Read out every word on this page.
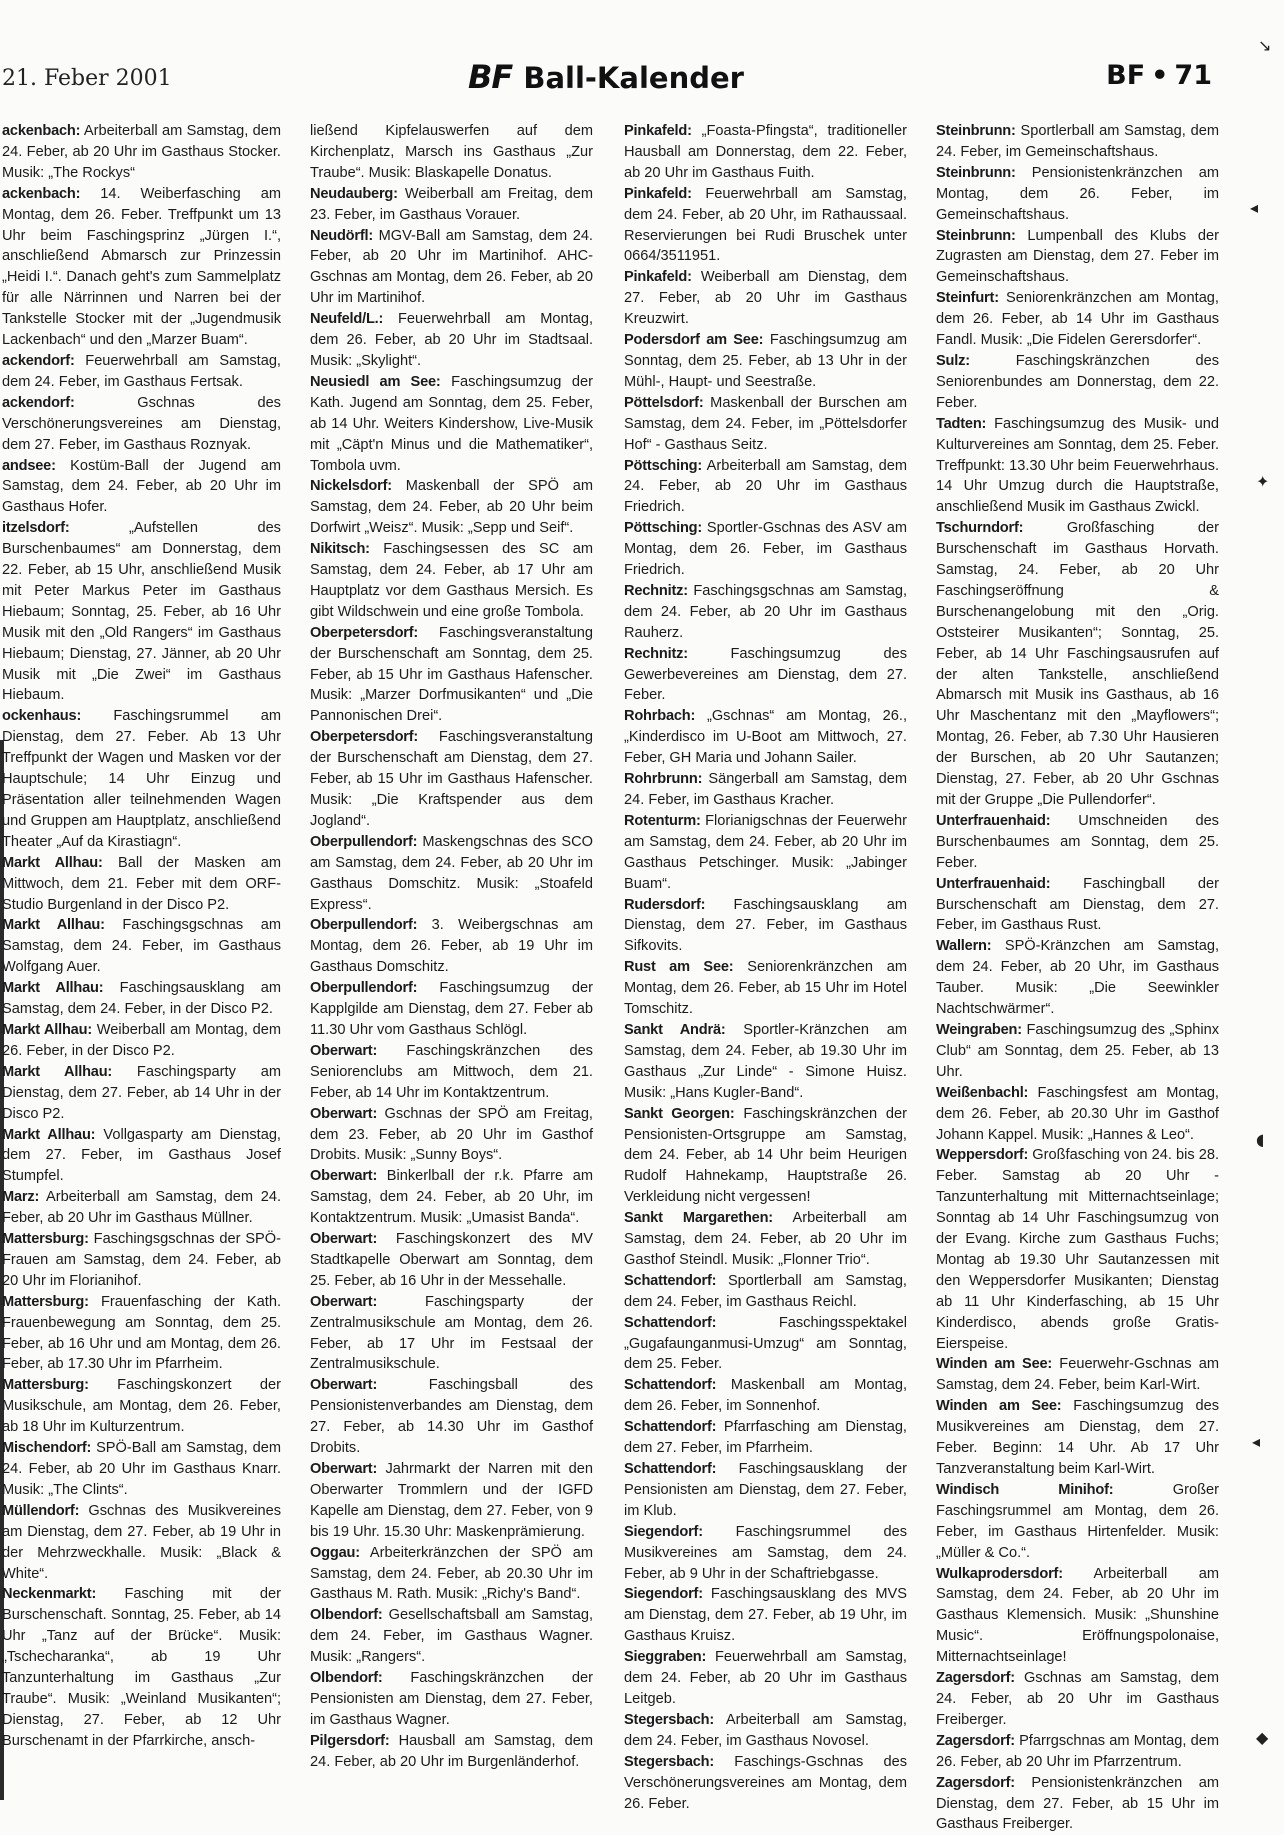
21. Feber 2001	BF Ball-Kalender	BF • 71

ackenbach: Arbeiterball am Samstag, dem 24. Feber, ab 20 Uhr im Gasthaus Stocker. Musik: „The Rockys“

ackenbach: 14. Weiberfasching am Montag, dem 26. Feber. Treffpunkt um 13 Uhr beim Faschingsprinz „Jürgen I.“, anschließend Abmarsch zur Prinzessin „Heidi I.“. Danach geht's zum Sammelplatz für alle Närrinnen und Narren bei der Tankstelle Stocker mit der „Jugendmusik Lackenbach“ und den „Marzer Buam“.

ackendorf: Feuerwehrball am Samstag, dem 24. Feber, im Gasthaus Fertsak.

ackendorf:	Gschnas des Verschönerungsvereines am Dienstag, dem 27. Feber, im Gasthaus Roznyak.

andsee: Kostüm-Ball der Jugend am Samstag, dem 24. Feber, ab 20 Uhr im Gasthaus Hofer.

itzelsdorf:	„Aufstellen des Burschenbaumes“ am Donnerstag, dem 22. Feber, ab 15 Uhr, anschließend Musik mit Peter Markus Peter im Gasthaus Hiebaum; Sonntag, 25. Feber, ab 16 Uhr Musik mit den „Old Rangers“ im Gasthaus Hiebaum; Dienstag, 27. Jänner, ab 20 Uhr Musik mit „Die Zwei“ im Gasthaus Hiebaum.

ockenhaus: Faschingsrummel am Dienstag, dem 27. Feber. Ab 13 Uhr Treffpunkt der Wagen und Masken vor der Hauptschule; 14 Uhr Einzug und Präsentation aller teilnehmenden Wagen und Gruppen am Hauptplatz, anschließend Theater „Auf da Kirastiagn“.

Markt Allhau: Ball der Masken am Mittwoch, dem 21. Feber mit dem ORF-Studio Burgenland in der Disco P2.

Markt Allhau: Faschingsgschnas am Samstag, dem 24. Feber, im Gasthaus Wolfgang Auer.

Markt Allhau: Faschingsausklang am Samstag, dem 24. Feber, in der Disco P2.

Markt Allhau: Weiberball am Montag, dem 26. Feber, in der Disco P2.

Markt Allhau: Faschingsparty am Dienstag, dem 27. Feber, ab 14 Uhr in der Disco P2.

Markt Allhau: Vollgasparty am Dienstag, dem 27. Feber, im Gasthaus Josef Stumpfel.

Marz: Arbeiterball am Samstag, dem 24. Feber, ab 20 Uhr im Gasthaus Müllner.

Mattersburg: Faschingsgschnas der SPÖ-Frauen am Samstag, dem 24. Feber, ab 20 Uhr im Florianihof.

Mattersburg: Frauenfasching der Kath. Frauenbewegung am Sonntag, dem 25. Feber, ab 16 Uhr und am Montag, dem 26. Feber, ab 17.30 Uhr im Pfarrheim.

Mattersburg: Faschingskonzert der Musikschule, am Montag, dem 26. Feber, ab 18 Uhr im Kulturzentrum.

Mischendorf: SPÖ-Ball am Samstag, dem 24. Feber, ab 20 Uhr im Gasthaus Knarr. Musik: „The Clints“.

Müllendorf: Gschnas des Musikvereines am Dienstag, dem 27. Feber, ab 19 Uhr in der Mehrzweckhalle. Musik: „Black & White“.

Neckenmarkt: Fasching mit der Burschenschaft. Sonntag, 25. Feber, ab 14 Uhr „Tanz auf der Brücke“. Musik: „Tschecharanka“, ab 19 Uhr Tanzunterhaltung im Gasthaus „Zur Traube“. Musik: „Weinland Musikanten“; Dienstag, 27. Feber, ab 12 Uhr Burschenamt in der Pfarrkirche, ansch-

ließend Kipfelauswerfen auf dem Kirchenplatz, Marsch ins Gasthaus „Zur Traube“. Musik: Blaskapelle Donatus.

Neudauberg: Weiberball am Freitag, dem 23. Feber, im Gasthaus Vorauer.

Neudörfl: MGV-Ball am Samstag, dem 24. Feber, ab 20 Uhr im Martinihof. AHC-Gschnas am Montag, dem 26. Feber, ab 20 Uhr im Martinihof.

Neufeld/L.: Feuerwehrball am Montag, dem 26. Feber, ab 20 Uhr im Stadtsaal. Musik: „Skylight“.

Neusiedl am See: Faschingsumzug der Kath. Jugend am Sonntag, dem 25. Feber, ab 14 Uhr. Weiters Kindershow, Live-Musik mit „Cäpt'n Minus und die Mathematiker“, Tombola uvm.

Nickelsdorf: Maskenball der SPÖ am Samstag, dem 24. Feber, ab 20 Uhr beim Dorfwirt „Weisz“. Musik: „Sepp und Seif“.

Nikitsch: Faschingsessen des SC am Samstag, dem 24. Feber, ab 17 Uhr am Hauptplatz vor dem Gasthaus Mersich. Es gibt Wildschwein und eine große Tombola.

Oberpetersdorf: Faschingsveranstaltung der Burschenschaft am Sonntag, dem 25. Feber, ab 15 Uhr im Gasthaus Hafenscher. Musik: „Marzer Dorfmusikanten“ und „Die Pannonischen Drei“.

Oberpetersdorf: Faschingsveranstaltung der Burschenschaft am Dienstag, dem 27. Feber, ab 15 Uhr im Gasthaus Hafenscher. Musik: „Die Kraftspender aus dem Jogland“.

Oberpullendorf: Maskengschnas des SCO am Samstag, dem 24. Feber, ab 20 Uhr im Gasthaus Domschitz. Musik: „Stoafeld Express“.

Oberpullendorf: 3. Weibergschnas am Montag, dem 26. Feber, ab 19 Uhr im Gasthaus Domschitz.

Oberpullendorf: Faschingsumzug der Kapplgilde am Dienstag, dem 27. Feber ab 11.30 Uhr vom Gasthaus Schlögl.

Oberwart: Faschingskränzchen des Seniorenclubs am Mittwoch, dem 21. Feber, ab 14 Uhr im Kontaktzentrum.

Oberwart: Gschnas der SPÖ am Freitag, dem 23. Feber, ab 20 Uhr im Gasthof Drobits. Musik: „Sunny Boys“.

Oberwart: Binkerlball der r.k. Pfarre am Samstag, dem 24. Feber, ab 20 Uhr, im Kontaktzentrum. Musik: „Umasist Banda“.

Oberwart: Faschingskonzert des MV Stadtkapelle Oberwart am Sonntag, dem 25. Feber, ab 16 Uhr in der Messehalle.

Oberwart:	Faschingsparty der Zentralmusikschule am Montag, dem 26. Feber, ab 17 Uhr im Festsaal der Zentralmusikschule.

Oberwart:	Faschingsball des Pensionistenverbandes am Dienstag, dem 27. Feber, ab 14.30 Uhr im Gasthof Drobits.

Oberwart: Jahrmarkt der Narren mit den Oberwarter Trommlern und der IGFD Kapelle am Dienstag, dem 27. Feber, von 9 bis 19 Uhr. 15.30 Uhr: Maskenprämierung.

Oggau: Arbeiterkränzchen der SPÖ am Samstag, dem 24. Feber, ab 20.30 Uhr im Gasthaus M. Rath. Musik: „Richy's Band“.

Olbendorf: Gesellschaftsball am Samstag, dem 24. Feber, im Gasthaus Wagner. Musik: „Rangers“.

Olbendorf: Faschingskränzchen der Pensionisten am Dienstag, dem 27. Feber, im Gasthaus Wagner.

Pilgersdorf: Hausball am Samstag, dem 24. Feber, ab 20 Uhr im Burgenländerhof.

Pinkafeld: „Foasta-Pfingsta“, traditioneller Hausball am Donnerstag, dem 22. Feber, ab 20 Uhr im Gasthaus Fuith.

Pinkafeld: Feuerwehrball am Samstag, dem 24. Feber, ab 20 Uhr, im Rathaussaal. Reservierungen bei Rudi Bruschek unter 0664/3511951.

Pinkafeld: Weiberball am Dienstag, dem 27. Feber, ab 20 Uhr im Gasthaus Kreuzwirt.

Podersdorf am See: Faschingsumzug am Sonntag, dem 25. Feber, ab 13 Uhr in der Mühl-, Haupt- und Seestraße.

Pöttelsdorf: Maskenball der Burschen am Samstag, dem 24. Feber, im „Pöttelsdorfer Hof“ - Gasthaus Seitz.

Pöttsching: Arbeiterball am Samstag, dem 24. Feber, ab 20 Uhr im Gasthaus Friedrich.

Pöttsching: Sportler-Gschnas des ASV am Montag, dem 26. Feber, im Gasthaus Friedrich.

Rechnitz: Faschingsgschnas am Samstag, dem 24. Feber, ab 20 Uhr im Gasthaus Rauherz.

Rechnitz:	Faschingsumzug des Gewerbevereines am Dienstag, dem 27. Feber.

Rohrbach: „Gschnas“ am Montag, 26., „Kinderdisco im U-Boot am Mittwoch, 27. Feber, GH Maria und Johann Sailer.

Rohrbrunn: Sängerball am Samstag, dem 24. Feber, im Gasthaus Kracher.

Rotenturm: Florianigschnas der Feuerwehr am Samstag, dem 24. Feber, ab 20 Uhr im Gasthaus Petschinger. Musik: „Jabinger Buam“.

Rudersdorf: Faschingsausklang am Dienstag, dem 27. Feber, im Gasthaus Sifkovits.

Rust am See: Seniorenkränzchen am Montag, dem 26. Feber, ab 15 Uhr im Hotel Tomschitz.

Sankt Andrä: Sportler-Kränzchen am Samstag, dem 24. Feber, ab 19.30 Uhr im Gasthaus „Zur Linde“ - Simone Huisz. Musik: „Hans Kugler-Band“.

Sankt Georgen: Faschingskränzchen der Pensionisten-Ortsgruppe am Samstag, dem 24. Feber, ab 14 Uhr beim Heurigen Rudolf Hahnekamp, Hauptstraße 26. Verkleidung nicht vergessen!

Sankt Margarethen: Arbeiterball am Samstag, dem 24. Feber, ab 20 Uhr im Gasthof Steindl. Musik: „Flonner Trio“.

Schattendorf: Sportlerball am Samstag, dem 24. Feber, im Gasthaus Reichl.

Schattendorf:	Faschingsspektakel „Gugafaunganmusi-Umzug“ am Sonntag, dem 25. Feber.

Schattendorf: Maskenball am Montag, dem 26. Feber, im Sonnenhof.

Schattendorf: Pfarrfasching am Dienstag, dem 27. Feber, im Pfarrheim.

Schattendorf: Faschingsausklang der Pensionisten am Dienstag, dem 27. Feber, im Klub.

Siegendorf: Faschingsrummel des Musikvereines am Samstag, dem 24. Feber, ab 9 Uhr in der Schaftriebgasse.

Siegendorf: Faschingsausklang des MVS am Dienstag, dem 27. Feber, ab 19 Uhr, im Gasthaus Kruisz.

Sieggraben: Feuerwehrball am Samstag, dem 24. Feber, ab 20 Uhr im Gasthaus Leitgeb.

Stegersbach: Arbeiterball am Samstag, dem 24. Feber, im Gasthaus Novosel.

Stegersbach: Faschings-Gschnas des Verschönerungsvereines am Montag, dem 26. Feber.

Steinbrunn: Sportlerball am Samstag, dem 24. Feber, im Gemeinschaftshaus.

Steinbrunn: Pensionistenkränzchen am Montag, dem 26. Feber, im Gemeinschaftshaus.

Steinbrunn: Lumpenball des Klubs der Zugrasten am Dienstag, dem 27. Feber im Gemeinschaftshaus.

Steinfurt: Seniorenkränzchen am Montag, dem 26. Feber, ab 14 Uhr im Gasthaus Fandl. Musik: „Die Fidelen Gerersdorfer“.

Sulz:	Faschingskränzchen des Seniorenbundes am Donnerstag, dem 22. Feber.

Tadten: Faschingsumzug des Musik- und Kulturvereines am Sonntag, dem 25. Feber. Treffpunkt: 13.30 Uhr beim Feuerwehrhaus. 14 Uhr Umzug durch die Hauptstraße, anschließend Musik im Gasthaus Zwickl.

Tschurndorf:	Großfasching der Burschenschaft im Gasthaus Horvath. Samstag, 24. Feber, ab 20 Uhr Faschingseröffnung & Burschenangelobung mit den „Orig. Oststeirer Musikanten“; Sonntag, 25. Feber, ab 14 Uhr Faschingsausrufen auf der alten Tankstelle, anschließend Abmarsch mit Musik ins Gasthaus, ab 16 Uhr Maschentanz mit den „Mayflowers“; Montag, 26. Feber, ab 7.30 Uhr Hausieren der Burschen, ab 20 Uhr Sautanzen; Dienstag, 27. Feber, ab 20 Uhr Gschnas mit der Gruppe „Die Pullendorfer“.

Unterfrauenhaid: Umschneiden des Burschenbaumes am Sonntag, dem 25. Feber.

Unterfrauenhaid: Faschingball der Burschenschaft am Dienstag, dem 27. Feber, im Gasthaus Rust.

Wallern: SPÖ-Kränzchen am Samstag, dem 24. Feber, ab 20 Uhr, im Gasthaus Tauber. Musik: „Die Seewinkler Nachtschwärmer“.

Weingraben: Faschingsumzug des „Sphinx Club“ am Sonntag, dem 25. Feber, ab 13 Uhr.

Weißenbachl: Faschingsfest am Montag, dem 26. Feber, ab 20.30 Uhr im Gasthof Johann Kappel. Musik: „Hannes & Leo“.

Weppersdorf: Großfasching von 24. bis 28. Feber. Samstag ab 20 Uhr - Tanzunterhaltung mit Mitternachtseinlage; Sonntag ab 14 Uhr Faschingsumzug von der Evang. Kirche zum Gasthaus Fuchs; Montag ab 19.30 Uhr Sautanzessen mit den Weppersdorfer Musikanten; Dienstag ab 11 Uhr Kinderfasching, ab 15 Uhr Kinderdisco, abends große Gratis-Eierspeise.

Winden am See: Feuerwehr-Gschnas am Samstag, dem 24. Feber, beim Karl-Wirt.

Winden am See: Faschingsumzug des Musikvereines am Dienstag, dem 27. Feber. Beginn: 14 Uhr. Ab 17 Uhr Tanzveranstaltung beim Karl-Wirt.

Windisch Minihof:	Großer Faschingsrummel am Montag, dem 26. Feber, im Gasthaus Hirtenfelder. Musik: „Müller & Co.“.

Wulkaprodersdorf: Arbeiterball am Samstag, dem 24. Feber, ab 20 Uhr im Gasthaus Klemensich. Musik: „Shunshine Music“. Eröffnungspolonaise, Mitternachtseinlage!

Zagersdorf: Gschnas am Samstag, dem 24. Feber, ab 20 Uhr im Gasthaus Freiberger.

Zagersdorf: Pfarrgschnas am Montag, dem 26. Feber, ab 20 Uhr im Pfarrzentrum.

Zagersdorf: Pensionistenkränzchen am Dienstag, dem 27. Feber, ab 15 Uhr im Gasthaus Freiberger.

↘
◂
✦
◖
◂
◆
